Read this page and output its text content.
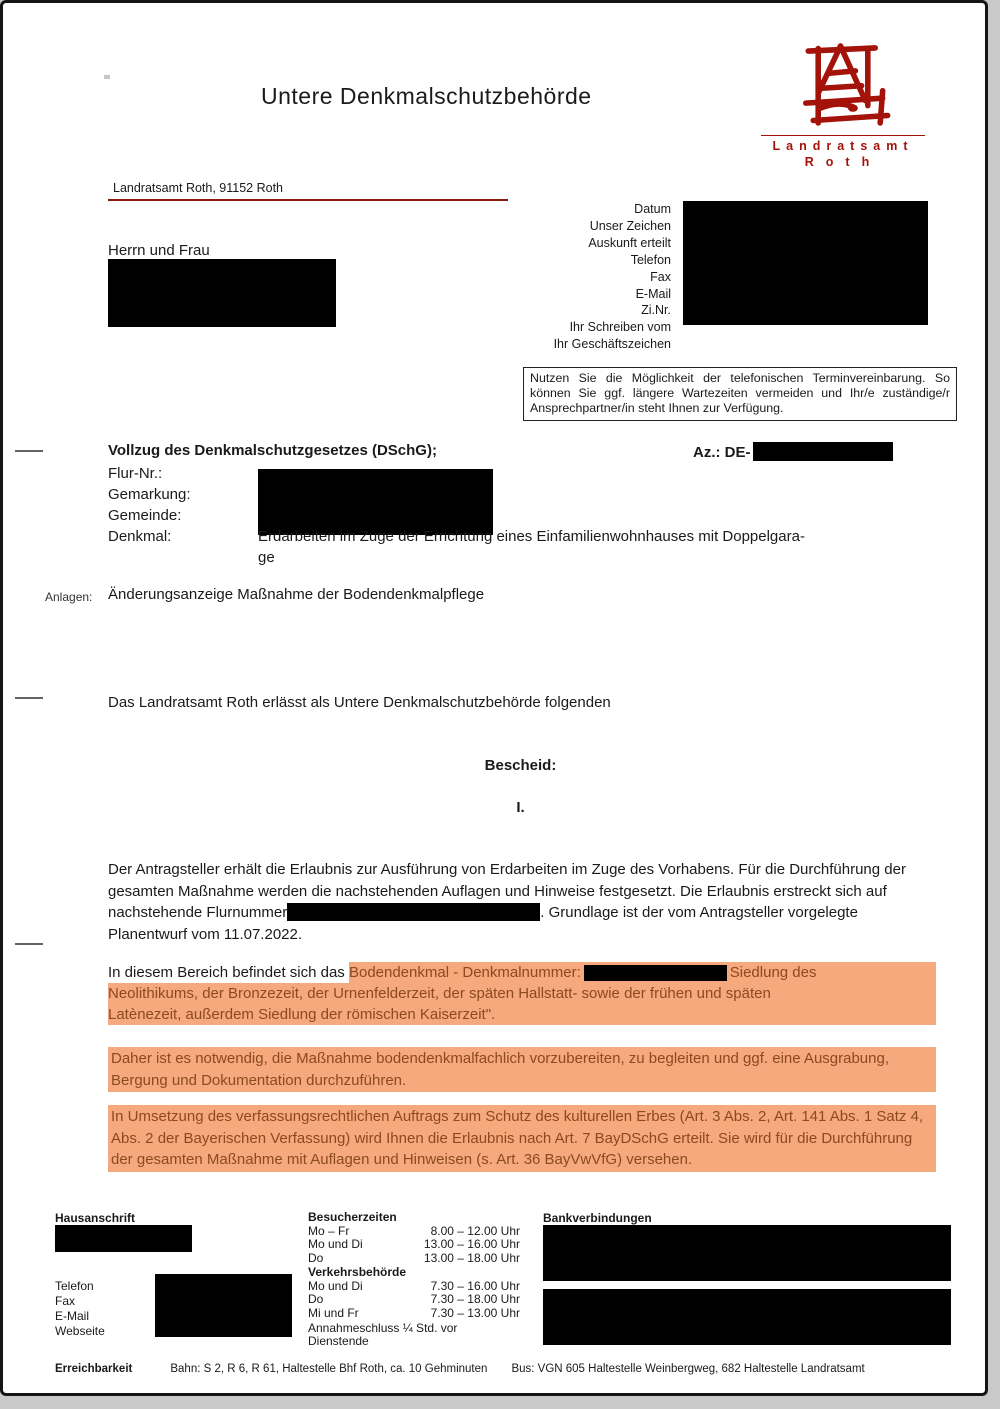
Untere Denkmalschutzbehörde
Landratsamt
Roth
Landratsamt Roth, 91152 Roth
Herrn und Frau
Datum
Unser Zeichen
Auskunft erteilt
Telefon
Fax
E-Mail
Zi.Nr.
Ihr Schreiben vom
Ihr Geschäftszeichen
Nutzen Sie die Möglichkeit der telefonischen Terminvereinbarung. So können Sie ggf. längere Wartezeiten vermeiden und Ihr/e zuständige/r Ansprechpartner/in steht Ihnen zur Verfügung.
Vollzug des Denkmalschutzgesetzes (DSchG);	Az.: DE-
Flur-Nr.:
Gemarkung:
Gemeinde:
Denkmal:	Erdarbeiten im Zuge der Errichtung eines Einfamilienwohnhauses mit Doppelgara-
ge
Anlagen: Änderungsanzeige Maßnahme der Bodendenkmalpflege
Das Landratsamt Roth erlässt als Untere Denkmalschutzbehörde folgenden
Bescheid:
I.
Der Antragsteller erhält die Erlaubnis zur Ausführung von Erdarbeiten im Zuge des Vorhabens. Für die Durchführung der gesamten Maßnahme werden die nachstehenden Auflagen und Hinweise festgesetzt. Die Erlaubnis erstreckt sich auf nachstehende Flurnummer	. Grundlage ist der vom Antragsteller vorgelegte Planentwurf vom 11.07.2022.
In diesem Bereich befindet sich das Bodendenkmal - Denkmalnummer:	Siedlung des
Neolithikums, der Bronzezeit, der Urnenfelderzeit, der späten Hallstatt- sowie der frühen und späten
Latènezeit, außerdem Siedlung der römischen Kaiserzeit".
Daher ist es notwendig, die Maßnahme bodendenkmalfachlich vorzubereiten, zu begleiten und ggf. eine Ausgrabung, Bergung und Dokumentation durchzuführen.
In Umsetzung des verfassungsrechtlichen Auftrags zum Schutz des kulturellen Erbes (Art. 3 Abs. 2, Art. 141 Abs. 1 Satz 4, Abs. 2 der Bayerischen Verfassung) wird Ihnen die Erlaubnis nach Art. 7 BayDSchG erteilt. Sie wird für die Durchführung der gesamten Maßnahme mit Auflagen und Hinweisen (s. Art. 36 BayVwVfG) versehen.
Hausanschrift
Telefon
Fax
E-Mail
Webseite
Besucherzeiten
Mo – Fr	8.00 – 12.00 Uhr
Mo und Di	13.00 – 16.00 Uhr
Do	13.00 – 18.00 Uhr
Verkehrsbehörde
Mo und Di	7.30 – 16.00 Uhr
Do	7.30 – 18.00 Uhr
Mi und Fr	7.30 – 13.00 Uhr
Annahmeschluss ¼ Std. vor Dienstende
Bankverbindungen
Erreichbarkeit	Bahn: S 2, R 6, R 61, Haltestelle Bhf Roth, ca. 10 Gehminuten Bus: VGN 605 Haltestelle Weinbergweg, 682 Haltestelle Landratsamt
